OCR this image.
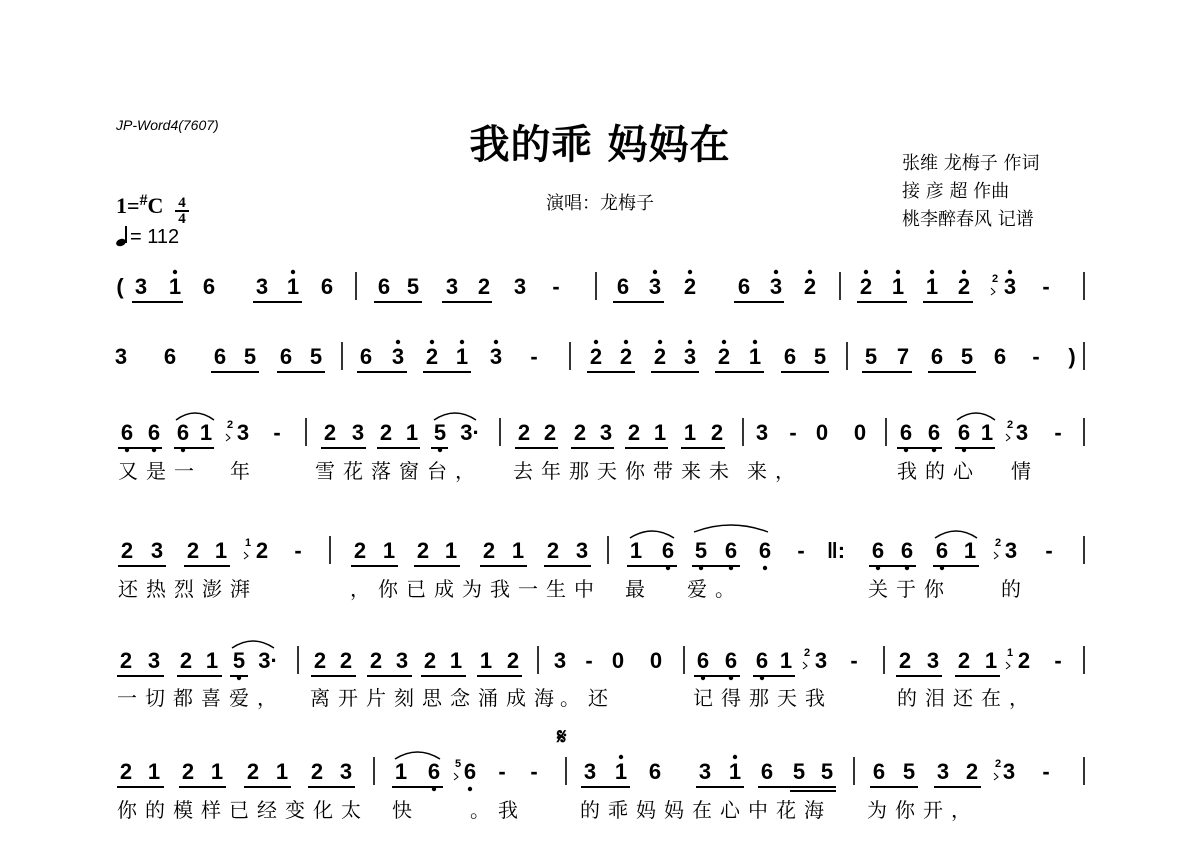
JP-Word4(7607)	我的乖 妈妈在
演唱：龙梅子
张维 龙梅子 作词
接 彦 超 作曲
桃李醉春风 记谱
$1=^{\#}C \frac{4}{4}$
= 112
𝄋
( 3 1 6 3 1 6 6 5 3 2 3 -	6 3 2 6 3 2 2 1 1 2 3 -
2
3 6 6 5 6 5 6 3 2 1 3 - 2 2 2 3 2 1 6 5 5 7 6 5 6 - )
6 6 6 1 3 - 2 3 2 1 5 3· 2 2 2 3 2 1 1 2 3 - 0 0 6 6 6 1 3 -
2	2
2 3 2 1 2 - 2 1 2 1 2 1 2 3 1 6 5 6 6 - ‖: 6 6 6 1 3 -
1	2
2 3 2 1 5 3· 2 2 2 3 2 1 1 2 3 - 0 0 6 6 6 1 3 - 2 3 2 1 2 -
2	1
2 1 2 1 2 1 2 3 1 6 6 - - 3 1 6 3 1 6 5 5 6 5 3 2 3 -
5	2
又 是 一 年	雪 花 落 窗 台 ， 去 年 那 天 你 带 来 未 来 ，	我 的 心 情
还 热 烈 澎 湃	， 你 已 成 为 我 一 生 中 最 爱 。	关 于 你	的
一 切 都 喜 爱 ， 离 开 片 刻 思 念 涌 成 海 。 还	记 得 那 天 我	的 泪 还 在 ，
你 的 模 样 已 经 变 化 太 快	。 我	的 乖 妈 妈 在 心 中 花 海 为 你 开 ，
